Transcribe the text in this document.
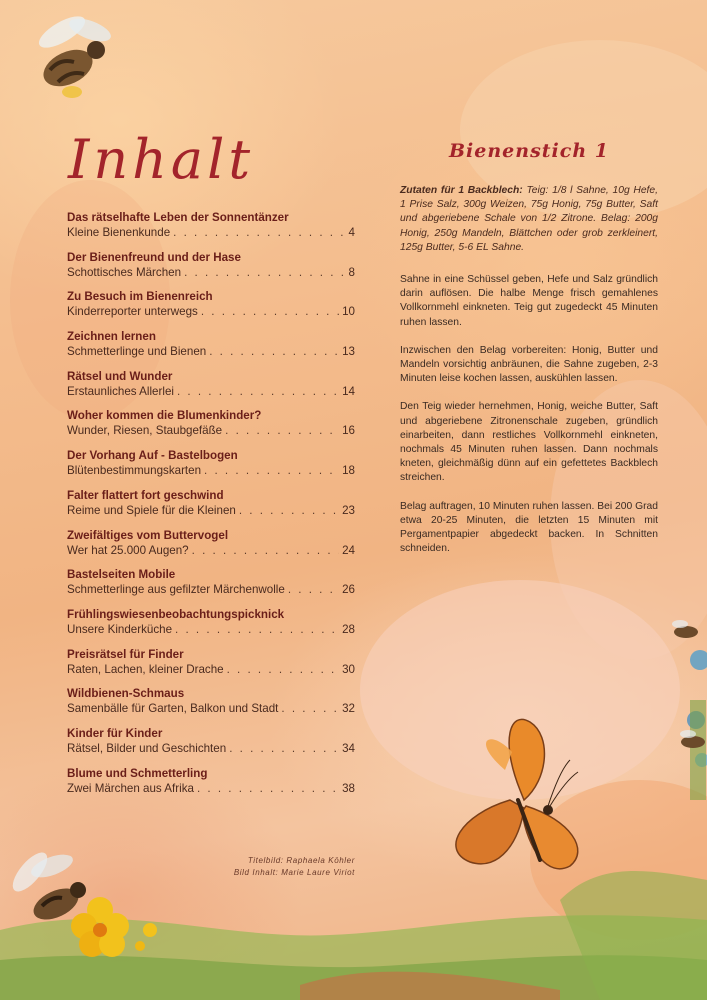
Inhalt
Das rätselhafte Leben der Sonnentänzer
Kleine Bienenkunde . . .	4
Der Bienenfreund und der Hase
Schottisches Märchen . . .	8
Zu Besuch im Bienenreich
Kinderreporter unterwegs . . .	10
Zeichnen lernen
Schmetterlinge und Bienen . . .	13
Rätsel und Wunder
Erstaunliches Allerlei . . .	14
Woher kommen die Blumenkinder?
Wunder, Riesen, Staubgefäße . . .	16
Der Vorhang Auf - Bastelbogen
Blütenbestimmungskarten . . .	18
Falter flattert fort geschwind
Reime und Spiele für die Kleinen . . .	23
Zweifältiges vom Buttervogel
Wer hat 25.000 Augen? . . .	24
Bastelseiten Mobile
Schmetterlinge aus gefilzter Märchenwolle . . .	26
Frühlingswiesenbeobachtungspicknick
Unsere Kinderküche . . .	28
Preisrätsel für Finder
Raten, Lachen, kleiner Drache . . .	30
Wildbienen-Schmaus
Samenbälle für Garten, Balkon und Stadt . . .	32
Kinder für Kinder
Rätsel, Bilder und Geschichten . . .	34
Blume und Schmetterling
Zwei Märchen aus Afrika . . .	38
Titelbild: Raphaela Köhler
Bild Inhalt: Marie Laure Viriot
Bienenstich 1

Zutaten für 1 Backblech: Teig: 1/8 l Sahne, 10g Hefe, 1 Prise Salz, 300g Weizen, 75g Honig, 75g Butter, Saft und abgeriebene Schale von 1/2 Zitrone. Belag: 200g Honig, 250g Mandeln, Blättchen oder grob zerkleinert, 125g Butter, 5-6 EL Sahne.

Sahne in eine Schüssel geben, Hefe und Salz gründlich darin auflösen. Die halbe Menge frisch gemahlenes Vollkornmehl einkneten. Teig gut zugedeckt 45 Minuten ruhen lassen.

Inzwischen den Belag vorbereiten: Honig, Butter und Mandeln vorsichtig anbräunen, die Sahne zugeben, 2-3 Minuten leise kochen lassen, auskühlen lassen.

Den Teig wieder hernehmen, Honig, weiche Butter, Saft und abgeriebene Zitronenschale zugeben, gründlich einarbeiten, dann restliches Vollkornmehl einkneten, nochmals 45 Minuten ruhen lassen. Dann nochmals kneten, gleichmäßig dünn auf ein gefettetes Backblech streichen.

Belag auftragen, 10 Minuten ruhen lassen. Bei 200 Grad etwa 20-25 Minuten, die letzten 15 Minuten mit Pergamentpapier abgedeckt backen. In Schnitten schneiden.
